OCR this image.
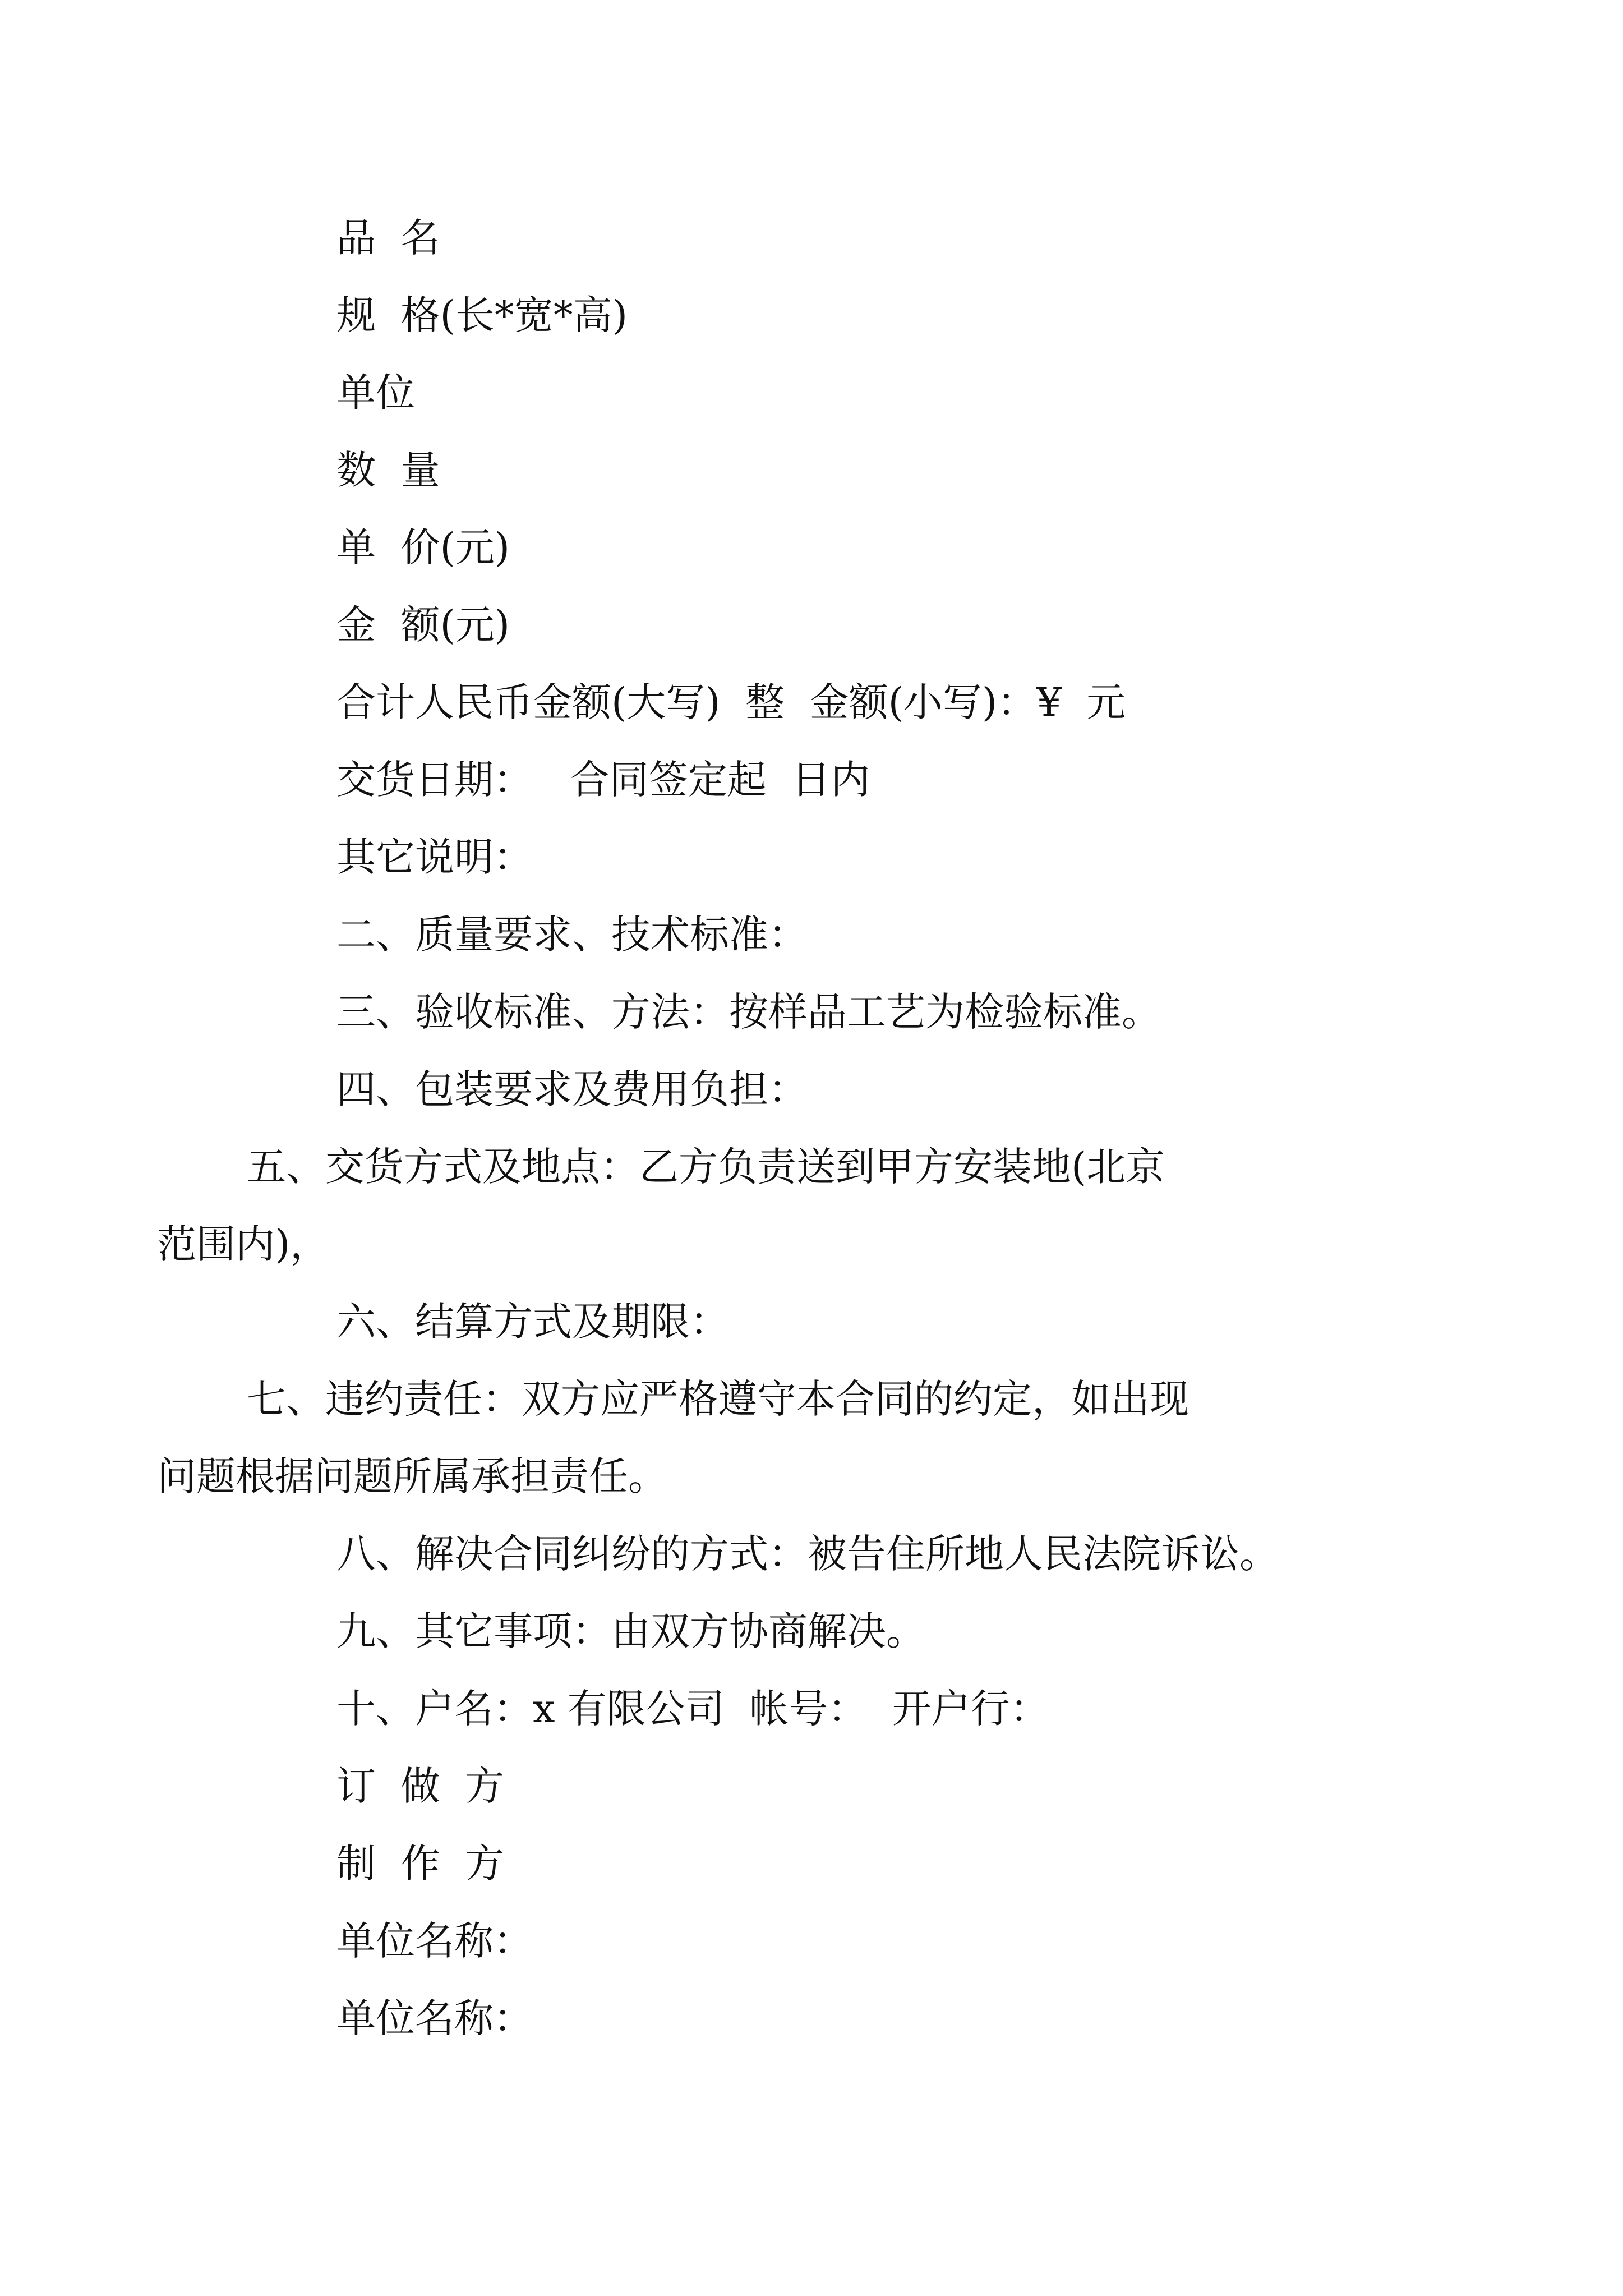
品  名

规  格(长*宽*高)

单位

数  量

单  价(元)

金  额(元)

合计人民币金额(大写)  整  金额(小写)：¥  元

交货日期：   合同签定起  日内

其它说明：

二、质量要求、技术标准：

三、验收标准、方法：按样品工艺为检验标准。

四、包装要求及费用负担：

五、交货方式及地点：乙方负责送到甲方安装地(北京
范围内)，

六、结算方式及期限：

七、违约责任：双方应严格遵守本合同的约定，如出现
问题根据问题所属承担责任。

八、解决合同纠纷的方式：被告住所地人民法院诉讼。

九、其它事项：由双方协商解决。

十、户名：x 有限公司  帐号：  开户行：

订  做  方

制  作  方

单位名称：

单位名称：
